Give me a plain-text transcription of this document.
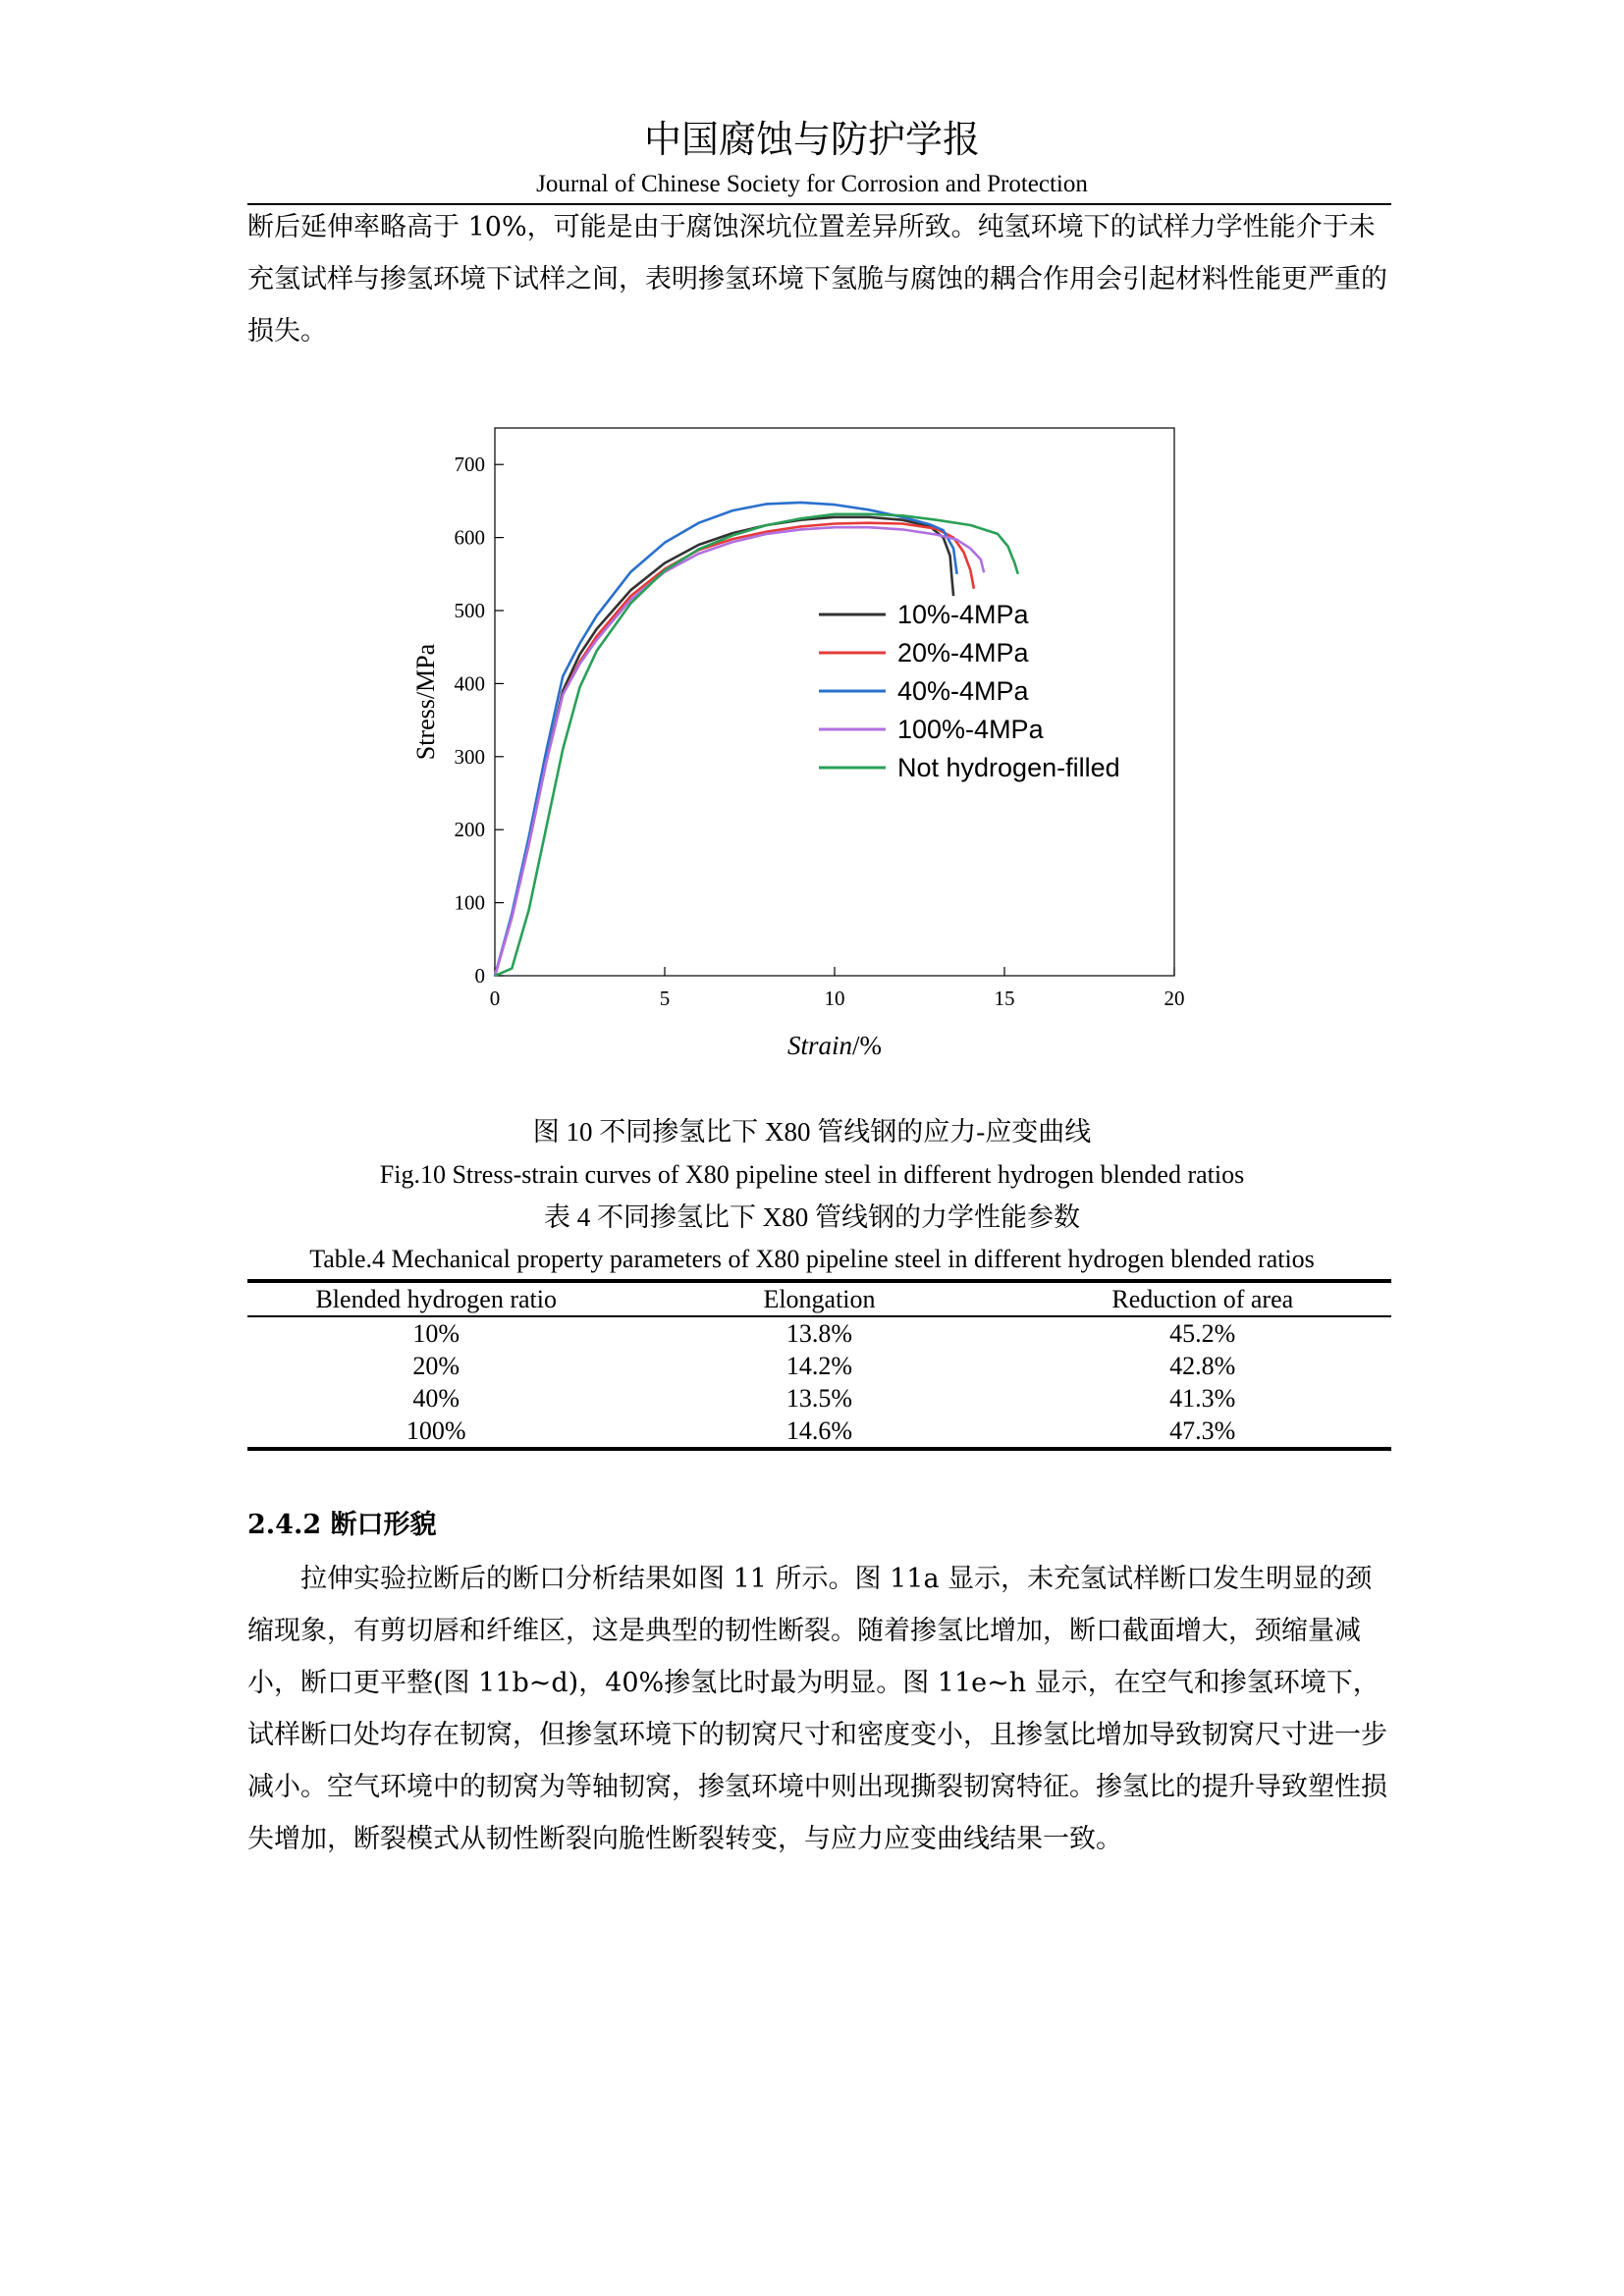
中国腐蚀与防护学报
Journal of Chinese Society for Corrosion and Protection

断后延伸率略高于 10%，可能是由于腐蚀深坑位置差异所致。纯氢环境下的试样力学性能介于未充氢试样与掺氢环境下试样之间，表明掺氢环境下氢脆与腐蚀的耦合作用会引起材料性能更严重的损失。

0
100
200
300
400
500
600
700
0	5	10	15	20
10%-4MPa
20%-4MPa
40%-4MPa
100%-4MPa
Not hydrogen-filled
Strain/%
Stress/MPa
图 10 不同掺氢比下 X80 管线钢的应力-应变曲线
Fig.10 Stress-strain curves of X80 pipeline steel in different hydrogen blended ratios
表 4 不同掺氢比下 X80 管线钢的力学性能参数
Table.4 Mechanical property parameters of X80 pipeline steel in different hydrogen blended ratios
Blended hydrogen ratio	Elongation	Reduction of area
10%	13.8%	45.2%
20%	14.2%	42.8%
40%	13.5%	41.3%
100%	14.6%	47.3%
2.4.2 断口形貌

拉伸实验拉断后的断口分析结果如图 11 所示。图 11a 显示，未充氢试样断口发生明显的颈缩现象，有剪切唇和纤维区，这是典型的韧性断裂。随着掺氢比增加，断口截面增大，颈缩量减小，断口更平整(图 11b~d)，40%掺氢比时最为明显。图 11e~h 显示，在空气和掺氢环境下，试样断口处均存在韧窝，但掺氢环境下的韧窝尺寸和密度变小，且掺氢比增加导致韧窝尺寸进一步减小。空气环境中的韧窝为等轴韧窝，掺氢环境中则出现撕裂韧窝特征。掺氢比的提升导致塑性损失增加，断裂模式从韧性断裂向脆性断裂转变，与应力应变曲线结果一致。
